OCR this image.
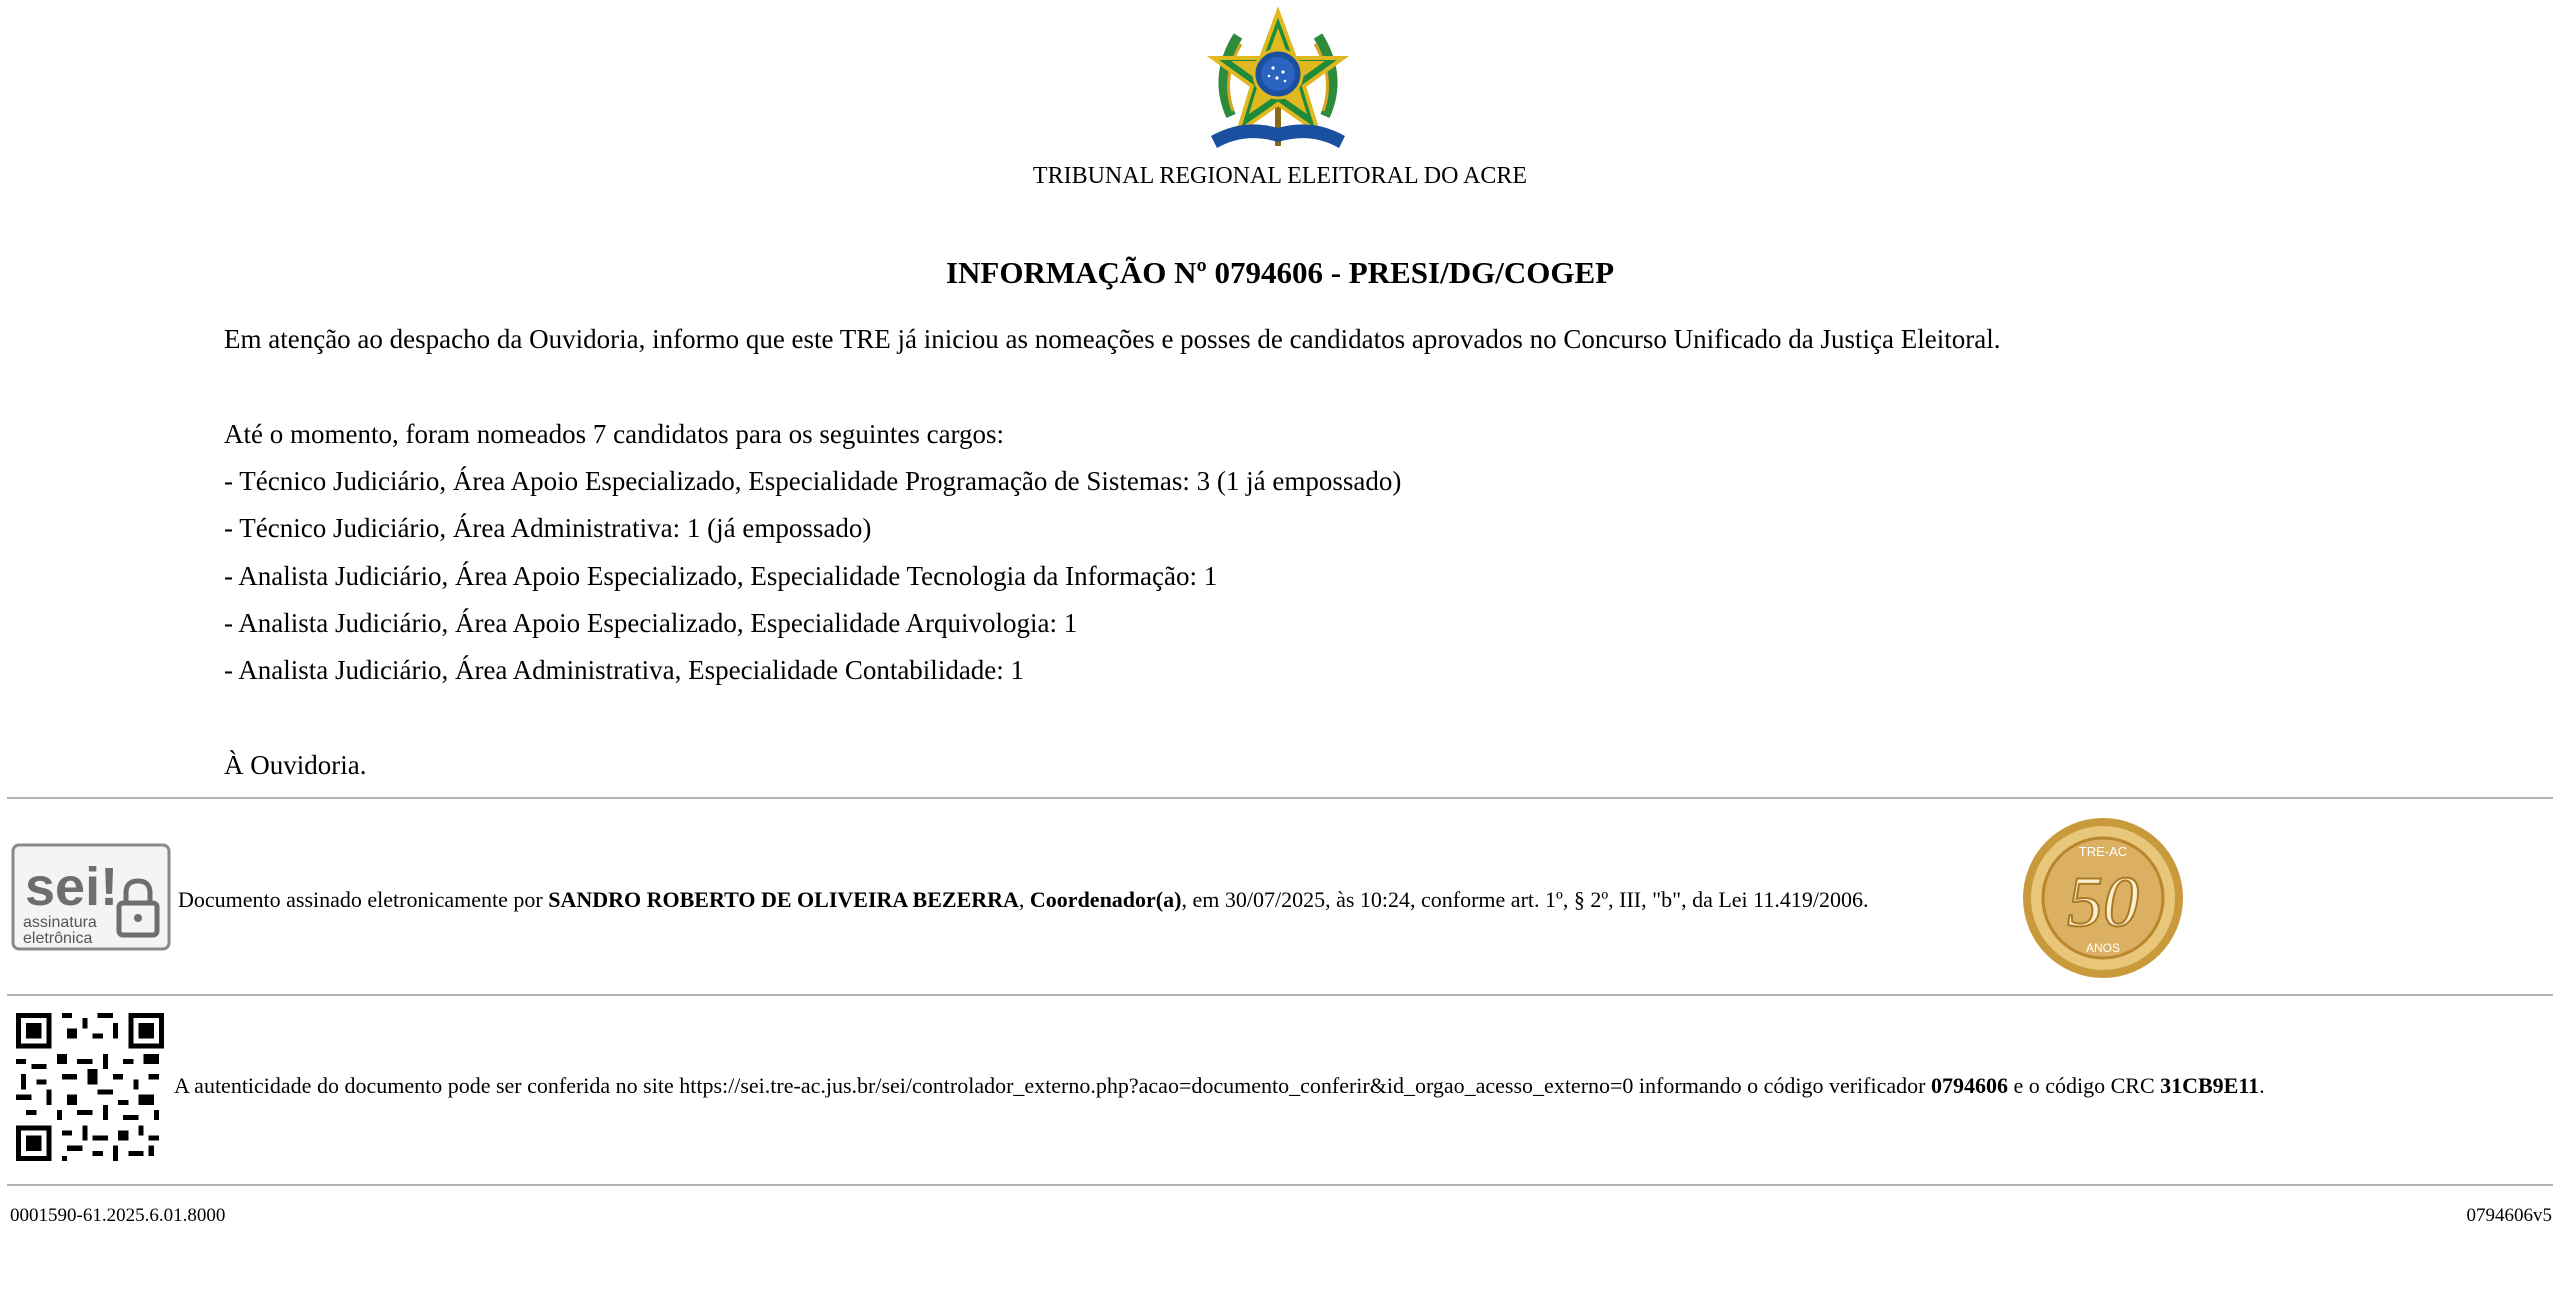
TRIBUNAL REGIONAL ELEITORAL DO ACRE
INFORMAÇÃO Nº 0794606 - PRESI/DG/COGEP
Em atenção ao despacho da Ouvidoria, informo que este TRE já iniciou as nomeações e posses de candidatos aprovados no Concurso Unificado da Justiça Eleitoral.
Até o momento, foram nomeados 7 candidatos para os seguintes cargos:
- Técnico Judiciário, Área Apoio Especializado, Especialidade Programação de Sistemas: 3 (1 já empossado)
- Técnico Judiciário, Área Administrativa: 1 (já empossado)
- Analista Judiciário, Área Apoio Especializado, Especialidade Tecnologia da Informação: 1
- Analista Judiciário, Área Apoio Especializado, Especialidade Arquivologia: 1
- Analista Judiciário, Área Administrativa, Especialidade Contabilidade: 1
À Ouvidoria.
sei!
assinatura
eletrônica
Documento assinado eletronicamente por SANDRO ROBERTO DE OLIVEIRA BEZERRA, Coordenador(a), em 30/07/2025, às 10:24, conforme art. 1º, § 2º, III, "b", da Lei 11.419/2006.
TRE-AC
50
ANOS
A autenticidade do documento pode ser conferida no site https://sei.tre-ac.jus.br/sei/controlador_externo.php?acao=documento_conferir&id_orgao_acesso_externo=0 informando o código verificador 0794606 e o código CRC 31CB9E11.
0001590-61.2025.6.01.8000	0794606v5
